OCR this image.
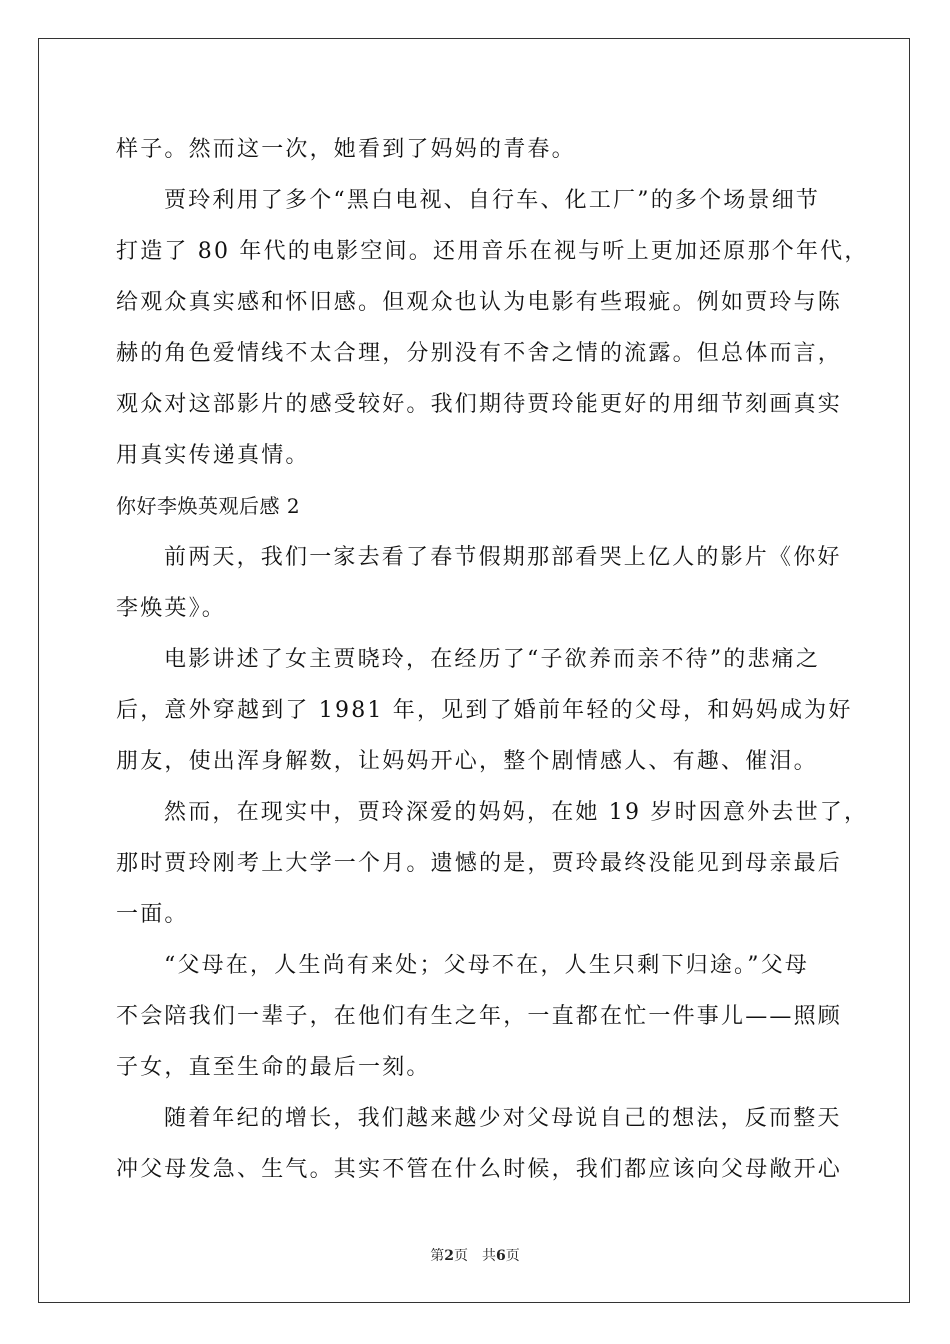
样子。然而这一次，她看到了妈妈的青春。
贾玲利用了多个“黑白电视、自行车、化工厂”的多个场景细节
打造了 80 年代的电影空间。还用音乐在视与听上更加还原那个年代，
给观众真实感和怀旧感。但观众也认为电影有些瑕疵。例如贾玲与陈
赫的角色爱情线不太合理，分别没有不舍之情的流露。但总体而言，
观众对这部影片的感受较好。我们期待贾玲能更好的用细节刻画真实
用真实传递真情。
你好李焕英观后感 2
前两天，我们一家去看了春节假期那部看哭上亿人的影片《你好
李焕英》。
电影讲述了女主贾晓玲，在经历了“子欲养而亲不待”的悲痛之
后，意外穿越到了 1981 年，见到了婚前年轻的父母，和妈妈成为好
朋友，使出浑身解数，让妈妈开心，整个剧情感人、有趣、催泪。
然而，在现实中，贾玲深爱的妈妈，在她 19 岁时因意外去世了，
那时贾玲刚考上大学一个月。遗憾的是，贾玲最终没能见到母亲最后
一面。
“父母在，人生尚有来处；父母不在，人生只剩下归途。”父母
不会陪我们一辈子，在他们有生之年，一直都在忙一件事儿——照顾
子女，直至生命的最后一刻。
随着年纪的增长，我们越来越少对父母说自己的想法，反而整天
冲父母发急、生气。其实不管在什么时候，我们都应该向父母敞开心
第2页 共6页
